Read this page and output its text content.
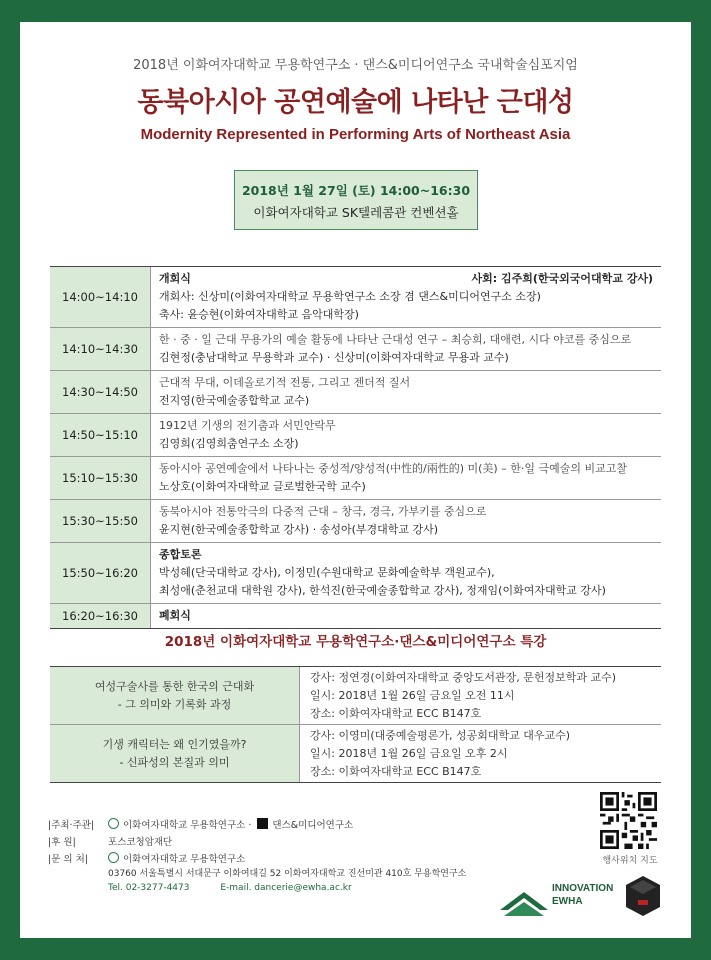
2018년 이화여자대학교 무용학연구소 · 댄스&미디어연구소 국내학술심포지엄
동북아시아 공연예술에 나타난 근대성
Modernity Represented in Performing Arts of Northeast Asia
2018년 1월 27일 (토) 14:00~16:30
이화여자대학교 SK텔레콤관 컨벤션홀
14:00~14:10
개회식	사회: 김주희(한국외국어대학교 강사)
개회사: 신상미(이화여자대학교 무용학연구소 소장 겸 댄스&미디어연구소 소장)
축사: 윤승현(이화여자대학교 음악대학장)
14:10~14:30
한 · 중 · 일 근대 무용가의 예술 활동에 나타난 근대성 연구 – 최승희, 대애련, 시다 야코를 중심으로
김현정(충남대학교 무용학과 교수) · 신상미(이화여자대학교 무용과 교수)
14:30~14:50
근대적 무대, 이데올로기적 전통, 그리고 젠더적 질서
전지영(한국예술종합학교 교수)
14:50~15:10
1912년 기생의 전기춤과 서민안락무
김영희(김영희춤연구소 소장)
15:10~15:30
동아시아 공연예술에서 나타나는 중성적/양성적(中性的/兩性的) 미(美) – 한·일 극예술의 비교고찰
노상호(이화여자대학교 글로벌한국학 교수)
15:30~15:50
동북아시아 전통악극의 다중적 근대 – 창극, 경극, 가부키를 중심으로
윤지현(한국예술종합학교 강사) · 송성아(부경대학교 강사)
15:50~16:20
종합토론
박성혜(단국대학교 강사), 이정민(수원대학교 문화예술학부 객원교수),
최성애(춘천교대 대학원 강사), 한석진(한국예술종합학교 강사), 정재임(이화여자대학교 강사)
16:20~16:30	폐회식
2018년 이화여자대학교 무용학연구소·댄스&미디어연구소 특강
여성구술사를 통한 한국의 근대화
- 그 의미와 기록화 과정
강사: 정연경(이화여자대학교 중앙도서관장, 문헌정보학과 교수)
일시: 2018년 1월 26일 금요일 오전 11시
장소: 이화여자대학교 ECC B147호
기생 캐릭터는 왜 인기였을까?
- 신파성의 본질과 의미
강사: 이영미(대중예술평론가, 성공회대학교 대우교수)
일시: 2018년 1월 26일 금요일 오후 2시
장소: 이화여자대학교 ECC B147호
|주최·주관|	이화여자대학교 무용학연구소 · 댄스&미디어연구소
|후 원|	포스코청암재단
|문 의 처|	이화여자대학교 무용학연구소
03760 서울특별시 서대문구 이화여대길 52 이화여자대학교 진선미관 410호 무용학연구소
Tel. 02-3277-4473	E-mail. dancerie@ewha.ac.kr
행사위치 지도
INNOVATION
EWHA
